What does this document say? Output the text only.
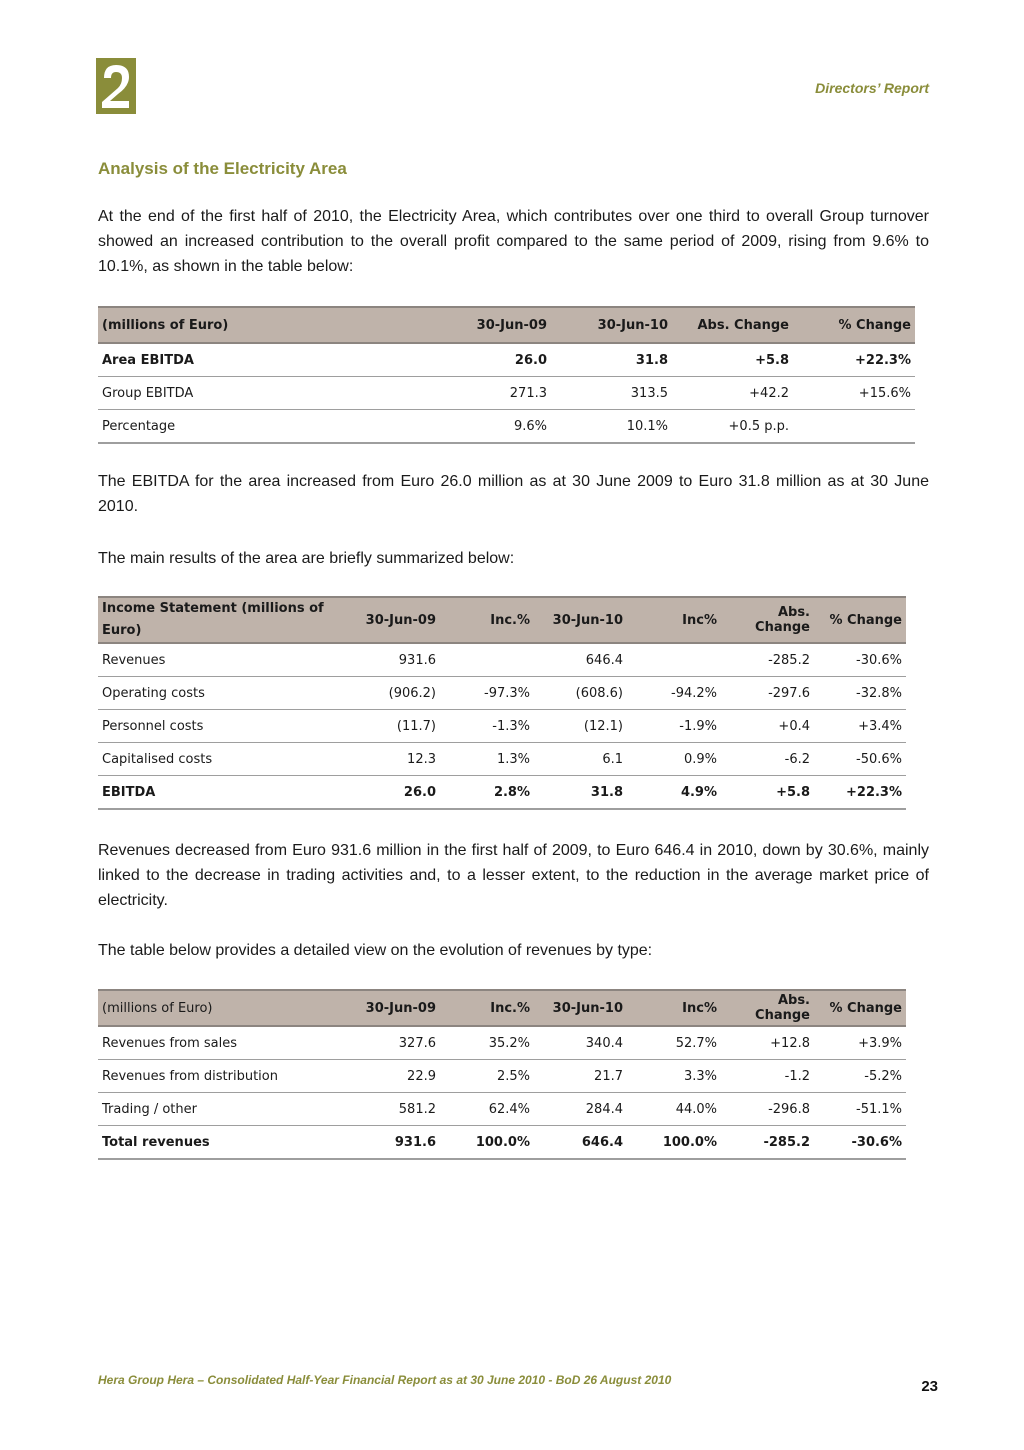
Directors’ Report
Analysis of the Electricity Area

At the end of the first half of 2010, the Electricity Area, which contributes over one third to overall Group turnover showed an increased contribution to the overall profit compared to the same period of 2009, rising from 9.6% to 10.1%, as shown in the table below:

(millions of Euro)	30-Jun-09	30-Jun-10	Abs. Change	% Change
Area EBITDA	26.0	31.8	+5.8	+22.3%
Group EBITDA	271.3	313.5	+42.2	+15.6%
Percentage	9.6%	10.1%	+0.5 p.p.	

The EBITDA for the area increased from Euro 26.0 million as at 30 June 2009 to Euro 31.8 million as at 30 June 2010.

The main results of the area are briefly summarized below:

Income Statement (millions of Euro)	30-Jun-09	Inc.%	30-Jun-10	Inc%	Abs. Change	% Change
Revenues	931.6		646.4		-285.2	-30.6%
Operating costs	(906.2)	-97.3%	(608.6)	-94.2%	-297.6	-32.8%
Personnel costs	(11.7)	-1.3%	(12.1)	-1.9%	+0.4	+3.4%
Capitalised costs	12.3	1.3%	6.1	0.9%	-6.2	-50.6%
EBITDA	26.0	2.8%	31.8	4.9%	+5.8	+22.3%

Revenues decreased from Euro 931.6 million in the first half of 2009, to Euro 646.4 in 2010, down by 30.6%, mainly linked to the decrease in trading activities and, to a lesser extent, to the reduction in the average market price of electricity.

The table below provides a detailed view on the evolution of revenues by type:

(millions of Euro)	30-Jun-09	Inc.%	30-Jun-10	Inc%	Abs. Change	% Change
Revenues from sales	327.6	35.2%	340.4	52.7%	+12.8	+3.9%
Revenues from distribution	22.9	2.5%	21.7	3.3%	-1.2	-5.2%
Trading / other	581.2	62.4%	284.4	44.0%	-296.8	-51.1%
Total revenues	931.6	100.0%	646.4	100.0%	-285.2	-30.6%
Hera Group Hera – Consolidated Half-Year Financial Report as at 30 June 2010 - BoD 26 August 2010	23
